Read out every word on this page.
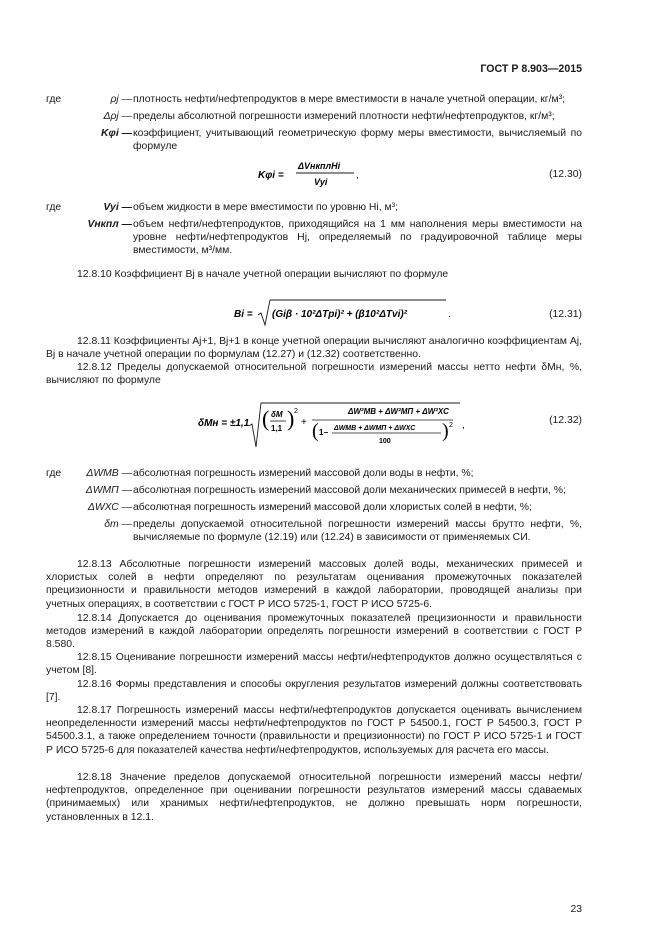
ГОСТ Р 8.903—2015
где	ρj — плотность нефти/нефтепродуктов в мере вместимости в начале учетной операции, кг/м³;
Δρj — пределы абсолютной погрешности измерений плотности нефти/нефтепродуктов, кг/м³;
Kφi — коэффициент, учитывающий геометрическую форму меры вместимости, вычисляемый по формуле
Kφi =
ΔVнкплHi
Vyi
,	(12.30)
где	Vyi — объем жидкости в мере вместимости по уровню Hi, м³;
Vнкпл — объем нефти/нефтепродуктов, приходящийся на 1 мм наполнения меры вместимости на уровне нефти/нефтепродуктов Hj, определяемый по градуировочной таблице меры вместимости, м³/мм.
12.8.10 Коэффициент Bj в начале учетной операции вычисляют по формуле
Bi = (Giβ · 10²ΔTpi)² + (β10²ΔTvi)²	.	(12.31)
12.8.11 Коэффициенты Aj+1, Bj+1 в конце учетной операции вычисляют аналогично коэффициентам Aj, Bj в начале учетной операции по формулам (12.27) и (12.32) соответственно.
12.8.12 Пределы допускаемой относительной погрешности измерений массы нетто нефти δMн, %, вычисляют по формуле
δMн = ±1,1 ( δM
1,1 ) 2
+
ΔW²МВ + ΔW²МП + ΔW²ХС
( 1− ΔWМВ + ΔWМП + ΔWХС
100	) 2 ,	(12.32)
где	ΔWМВ — абсолютная погрешность измерений массовой доли воды в нефти, %;
ΔWМП — абсолютная погрешность измерений массовой доли механических примесей в нефти, %;
ΔWХС — абсолютная погрешность измерений массовой доли хлористых солей в нефти, %;
δm — пределы допускаемой относительной погрешности измерений массы брутто нефти, %, вычисляемые по формуле (12.19) или (12.24) в зависимости от применяемых СИ.
12.8.13 Абсолютные погрешности измерений массовых долей воды, механических примесей и хлористых солей в нефти определяют по результатам оценивания промежуточных показателей прецизионности и правильности методов измерений в каждой лаборатории, проводящей анализы при учетных операциях, в соответствии с ГОСТ Р ИСО 5725-1, ГОСТ Р ИСО 5725-6.
12.8.14 Допускается до оценивания промежуточных показателей прецизионности и правильности методов измерений в каждой лаборатории определять погрешности измерений в соответствии с ГОСТ Р 8.580.
12.8.15 Оценивание погрешности измерений массы нефти/нефтепродуктов должно осуществляться с учетом [8].
12.8.16 Формы представления и способы округления результатов измерений должны соответствовать [7].
12.8.17 Погрешность измерений массы нефти/нефтепродуктов допускается оценивать вычислением неопределенности измерений массы нефти/нефтепродуктов по ГОСТ Р 54500.1, ГОСТ Р 54500.3, ГОСТ Р 54500.3.1, а также определением точности (правильности и прецизионности) по ГОСТ Р ИСО 5725-1 и ГОСТ Р ИСО 5725-6 для показателей качества нефти/нефтепродуктов, используемых для расчета его массы.
12.8.18 Значение пределов допускаемой относительной погрешности измерений массы нефти/нефтепродуктов, определенное при оценивании погрешности результатов измерений массы сдаваемых (принимаемых) или хранимых нефти/нефтепродуктов, не должно превышать норм погрешности, установленных в 12.1.
23
